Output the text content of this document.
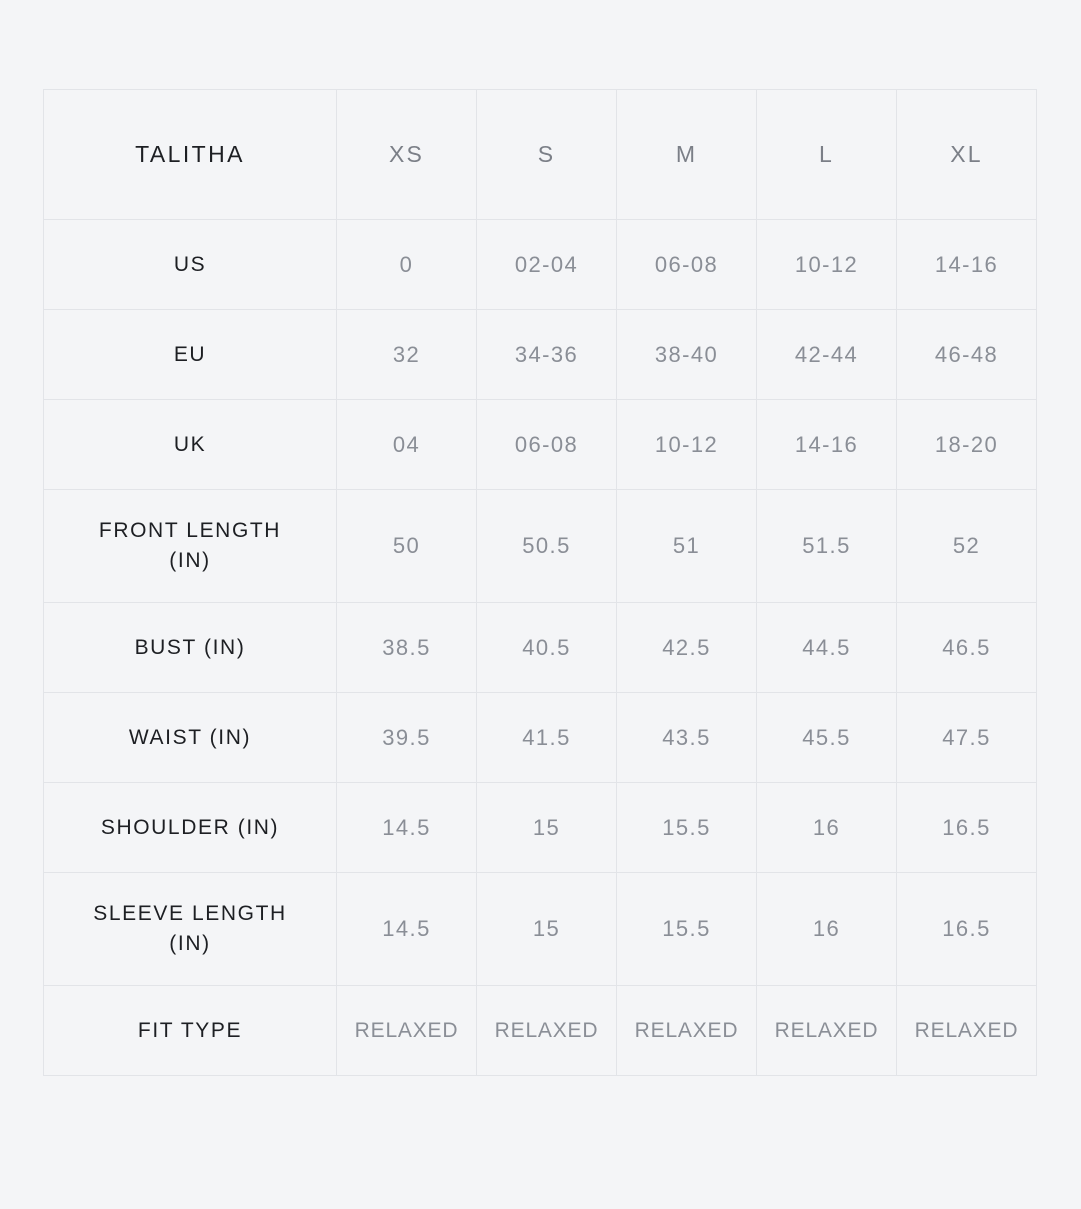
TALITHA	XS	S	M	L	XL

US	0	02-04	06-08	10-12	14-16

EU	32	34-36	38-40	42-44	46-48

UK	04	06-08	10-12	14-16	18-20

FRONT LENGTH
(IN)	50	50.5	51	51.5	52

BUST (IN)	38.5	40.5	42.5	44.5	46.5

WAIST (IN)	39.5	41.5	43.5	45.5	47.5

SHOULDER (IN)	14.5	15	15.5	16	16.5

SLEEVE LENGTH
(IN)	14.5	15	15.5	16	16.5

FIT TYPE	RELAXED	RELAXED	RELAXED	RELAXED	RELAXED
